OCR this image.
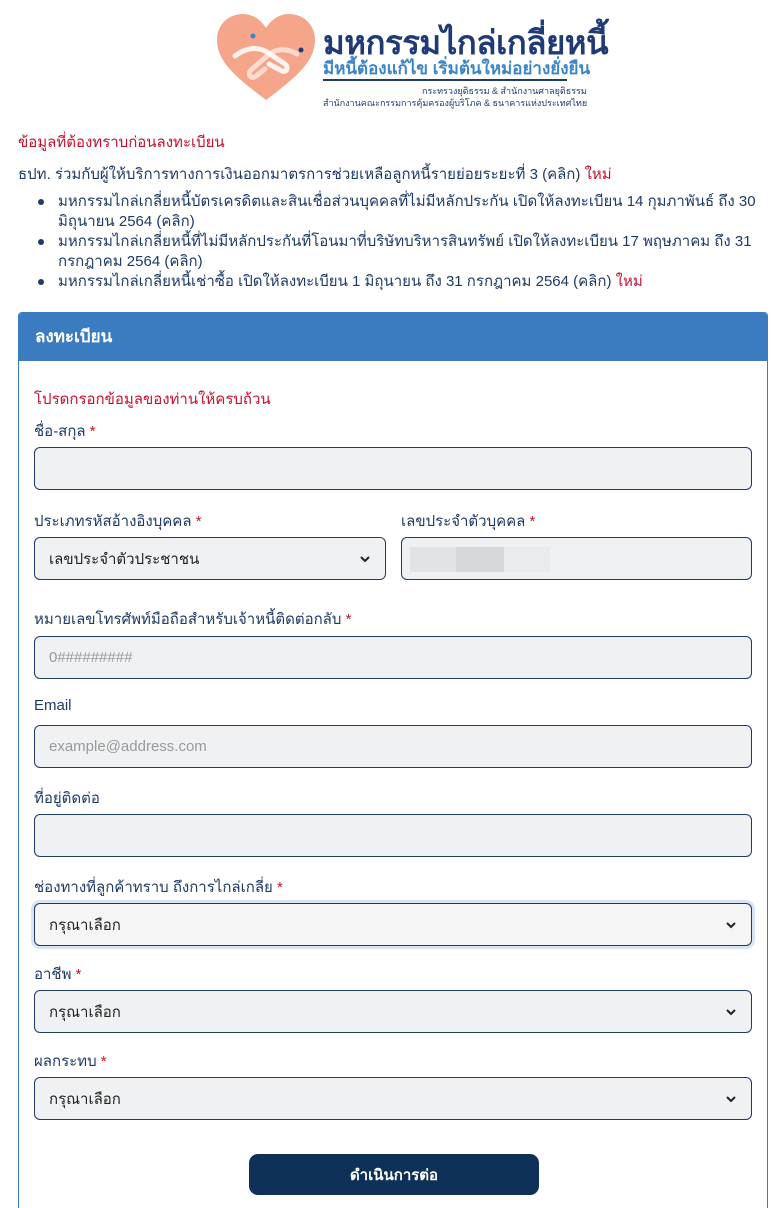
มหกรรมไกล่เกลี่ยหนี้
มีหนี้ต้องแก้ไข เริ่มต้นใหม่อย่างยั่งยืน
กระทรวงยุติธรรม & สำนักงานศาลยุติธรรม
สำนักงานคณะกรรมการคุ้มครองผู้บริโภค & ธนาคารแห่งประเทศไทย
ข้อมูลที่ต้องทราบก่อนลงทะเบียน
ธปท. ร่วมกับผู้ให้บริการทางการเงินออกมาตรการช่วยเหลือลูกหนี้รายย่อยระยะที่ 3 (คลิก) ใหม่
มหกรรมไกล่เกลี่ยหนี้บัตรเครดิตและสินเชื่อส่วนบุคคลที่ไม่มีหลักประกัน เปิดให้ลงทะเบียน 14 กุมภาพันธ์ ถึง 30 มิถุนายน 2564 (คลิก)
มหกรรมไกล่เกลี่ยหนี้ที่ไม่มีหลักประกันที่โอนมาที่บริษัทบริหารสินทรัพย์ เปิดให้ลงทะเบียน 17 พฤษภาคม ถึง 31 กรกฎาคม 2564 (คลิก)
มหกรรมไกล่เกลี่ยหนี้เช่าซื้อ เปิดให้ลงทะเบียน 1 มิถุนายน ถึง 31 กรกฎาคม 2564 (คลิก) ใหม่
ลงทะเบียน
โปรดกรอกข้อมูลของท่านให้ครบถ้วน
ชื่อ-สกุล *
ประเภทรหัสอ้างอิงบุคคล *
เลขประจำตัวประชาชน
เลขประจำตัวบุคคล *
หมายเลขโทรศัพท์มือถือสำหรับเจ้าหนี้ติดต่อกลับ *
0#########
Email
example@address.com
ที่อยู่ติดต่อ
ช่องทางที่ลูกค้าทราบ ถึงการไกล่เกลี่ย *
กรุณาเลือก
อาชีพ *
กรุณาเลือก
ผลกระทบ *
กรุณาเลือก
ดำเนินการต่อ
